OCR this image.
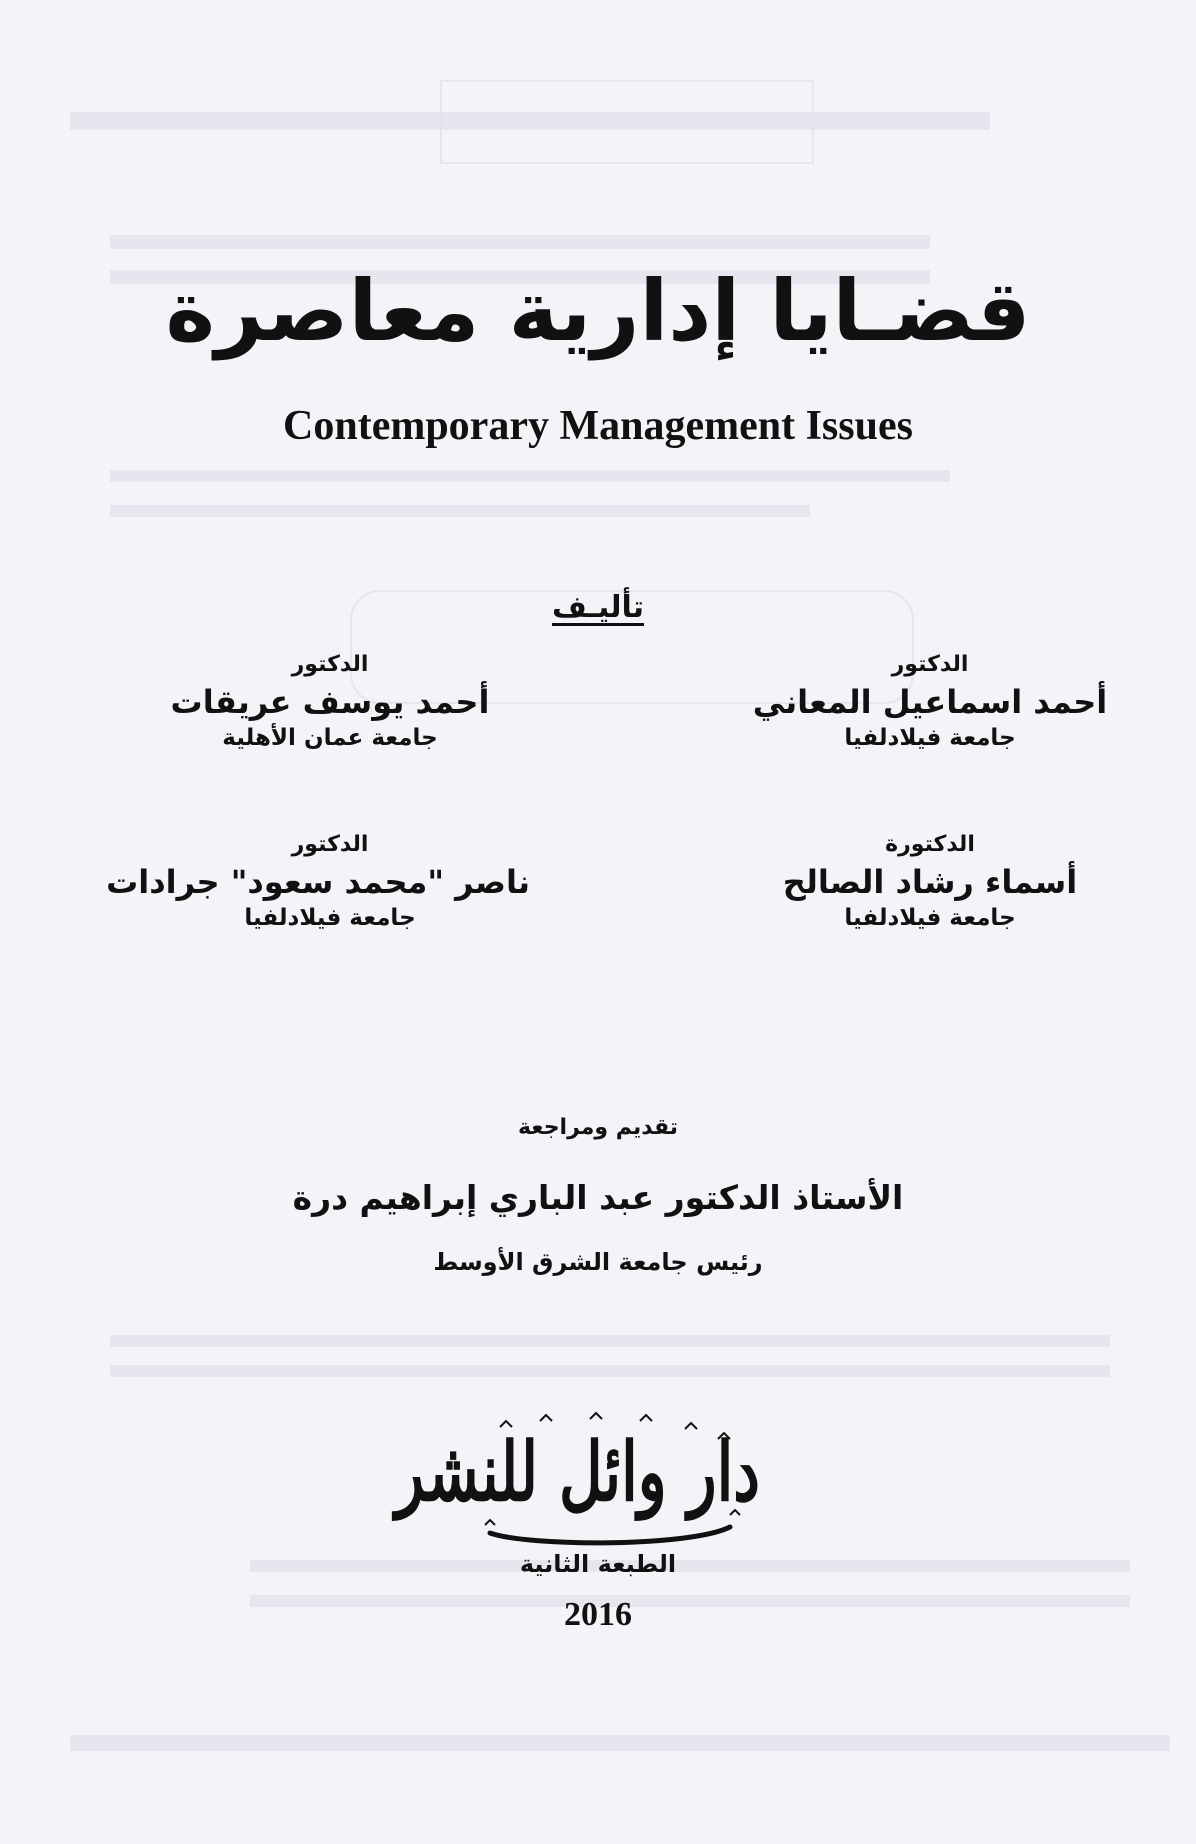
قضـايا إدارية معاصرة
Contemporary Management Issues
تأليـف
الدكتور
أحمد اسماعيل المعاني
جامعة فيلادلفيا
الدكتور
أحمد يوسف عريقات
جامعة عمان الأهلية
الدكتورة
أسماء رشاد الصالح
جامعة فيلادلفيا
الدكتور
ناصر "محمد سعود" جرادات
جامعة فيلادلفيا
تقديم ومراجعة
الأستاذ الدكتور عبد الباري إبراهيم درة
رئيس جامعة الشرق الأوسط
دار وائل للنشر
الطبعة الثانية
2016
